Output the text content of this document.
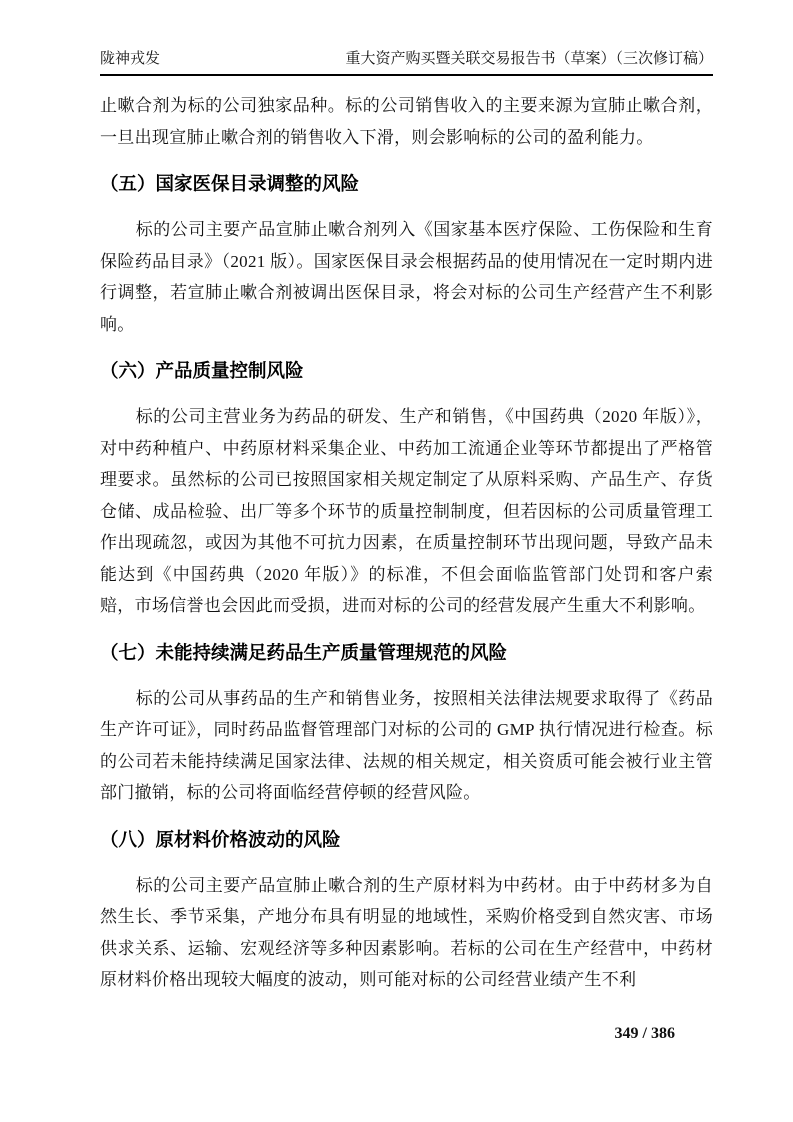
陇神戎发	重大资产购买暨关联交易报告书（草案）（三次修订稿）

止嗽合剂为标的公司独家品种。标的公司销售收入的主要来源为宣肺止嗽合剂，一旦出现宣肺止嗽合剂的销售收入下滑，则会影响标的公司的盈利能力。

（五）国家医保目录调整的风险

标的公司主要产品宣肺止嗽合剂列入《国家基本医疗保险、工伤保险和生育保险药品目录》（2021 版）。国家医保目录会根据药品的使用情况在一定时期内进行调整，若宣肺止嗽合剂被调出医保目录，将会对标的公司生产经营产生不利影响。

（六）产品质量控制风险

标的公司主营业务为药品的研发、生产和销售，《中国药典（2020 年版）》，对中药种植户、中药原材料采集企业、中药加工流通企业等环节都提出了严格管理要求。虽然标的公司已按照国家相关规定制定了从原料采购、产品生产、存货仓储、成品检验、出厂等多个环节的质量控制制度，但若因标的公司质量管理工作出现疏忽，或因为其他不可抗力因素，在质量控制环节出现问题，导致产品未能达到《中国药典（2020 年版）》的标准，不但会面临监管部门处罚和客户索赔，市场信誉也会因此而受损，进而对标的公司的经营发展产生重大不利影响。

（七）未能持续满足药品生产质量管理规范的风险

标的公司从事药品的生产和销售业务，按照相关法律法规要求取得了《药品生产许可证》，同时药品监督管理部门对标的公司的 GMP 执行情况进行检查。标的公司若未能持续满足国家法律、法规的相关规定，相关资质可能会被行业主管部门撤销，标的公司将面临经营停顿的经营风险。

（八）原材料价格波动的风险

标的公司主要产品宣肺止嗽合剂的生产原材料为中药材。由于中药材多为自然生长、季节采集，产地分布具有明显的地域性，采购价格受到自然灾害、市场供求关系、运输、宏观经济等多种因素影响。若标的公司在生产经营中，中药材原材料价格出现较大幅度的波动，则可能对标的公司经营业绩产生不利

349 / 386
